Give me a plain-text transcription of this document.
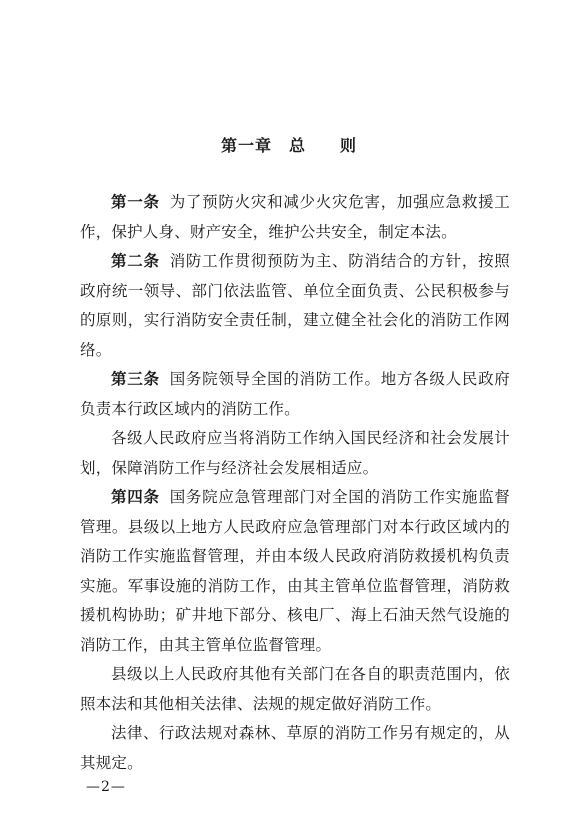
第一章　总　　则

第一条 为了预防火灾和减少火灾危害，加强应急救援工作，保护人身、财产安全，维护公共安全，制定本法。

第二条 消防工作贯彻预防为主、防消结合的方针，按照政府统一领导、部门依法监管、单位全面负责、公民积极参与的原则，实行消防安全责任制，建立健全社会化的消防工作网络。

第三条 国务院领导全国的消防工作。地方各级人民政府负责本行政区域内的消防工作。

各级人民政府应当将消防工作纳入国民经济和社会发展计划，保障消防工作与经济社会发展相适应。

第四条 国务院应急管理部门对全国的消防工作实施监督管理。县级以上地方人民政府应急管理部门对本行政区域内的消防工作实施监督管理，并由本级人民政府消防救援机构负责实施。军事设施的消防工作，由其主管单位监督管理，消防救援机构协助；矿井地下部分、核电厂、海上石油天然气设施的消防工作，由其主管单位监督管理。

县级以上人民政府其他有关部门在各自的职责范围内，依照本法和其他相关法律、法规的规定做好消防工作。

法律、行政法规对森林、草原的消防工作另有规定的，从其规定。

—2—
